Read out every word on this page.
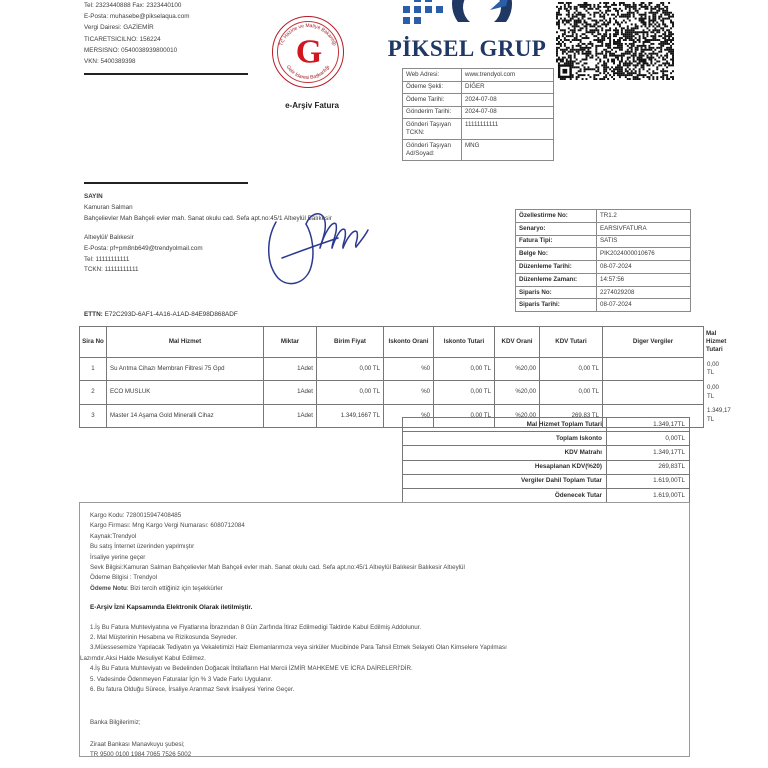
Tel: 2323440888 Fax: 2323440100
E-Posta: muhasebe@pikselaqua.com
Vergi Dairesi: GAZİEMİR
TICARETSICILNO: 156224
MERSISNO: 0540038939800010
VKN: 5400389398
TC Hazine ve Maliye Bakanlığı
Gelir İdaresi Başkanlığı
G
e-Arşiv Fatura
PİKSEL GRUP
Web Adresi:	www.trendyol.com
Ödeme Şekli:	DİĞER
Ödeme Tarihi:	2024-07-08
Gönderim Tarihi:	2024-07-08
Gönderi Taşıyan TCKN:	11111111111
Gönderi Taşıyan Ad/Soyad:	MNG
SAYIN
Kamuran Salman
Bahçelievler Mah Bahçeli evler mah. Sanat okulu cad. Sefa apt.no:45/1 Altıeylül Balıkesir
Altıeylül/ Balıkesir
E-Posta: pf+pm8nb649@trendyolmail.com
Tel: 11111111111
TCKN: 11111111111
Özellestirme No:	TR1.2
Senaryo:	EARSIVFATURA
Fatura Tipi:	SATIS
Belge No:	PIK2024000010676
Düzenleme Tarihi:	08-07-2024
Düzenleme Zamanı:	14:57:56
Siparis No:	2274029208
Siparis Tarihi:	08-07-2024
ETTN: E72C293D-6AF1-4A16-A1AD-84E98D868ADF
Sira No	Mal Hizmet	Miktar	Birim Fiyat	Iskonto Orani	Iskonto Tutari	KDV Orani	KDV Tutari	Diger Vergiler	Mal Hizmet Tutari
1	Su Arıtma Cihazı Membran Filtresi 75 Gpd	1Adet	0,00 TL	%0	0,00 TL	%20,00	0,00 TL		0,00 TL
2	ECO MUSLUK	1Adet	0,00 TL	%0	0,00 TL	%20,00	0,00 TL		0,00 TL
3	Master 14 Aşama Gold Mineralli Cihaz	1Adet	1.349,1667 TL	%0	0,00 TL	%20,00	269,83 TL		1.349,17 TL
Mal Hizmet Toplam Tutari	1.349,17TL
Toplam Iskonto	0,00TL
KDV Matrahı	1.349,17TL
Hesaplanan KDV(%20)	269,83TL
Vergiler Dahil Toplam Tutar	1.619,00TL
Ödenecek Tutar	1.619,00TL
Kargo Kodu: 7280015947408485
Kargo Firması: Mng Kargo Vergi Numarası: 6080712084
Kaynak:Trendyol
Bu satış İnternet üzerinden yapılmıştır
İrsaliye yerine geçer
Sevk Bilgisi:Kamuran Salman Bahçelievler Mah Bahçeli evler mah. Sanat okulu cad. Sefa apt.no:45/1 Altıeylül Balıkesir Balıkesir Altıeylül
Ödeme Bilgisi : Trendyol
Ödeme Notu: Bizi tercih ettiğiniz için teşekkürler
E-Arşiv İzni Kapsamında Elektronik Olarak iletilmiştir.
1.İş Bu Fatura Muhteviyatına ve Fiyatlarına İbrazından 8 Gün Zarfında İtiraz Edilmedigi Taktirde Kabul Edilmiş Addolunur.
2. Mal Müşterinin Hesabına ve Rizikosunda Seyreder.
3.Müessesemize Yapılacak Tediyatın ya Vekaletimizi Haiz Elemanlarımıza veya sirküler Mucibinde Para Tahsil Etmek Selayeti Olan Kimselere Yapılması
Lazımdır.Aksi Halde Mesuliyet Kabul Edilmez.
4.İş Bu Fatura Muhteviyatı ve Bedelinden Doğacak İhtilafların Hal Mercii İZMİR MAHKEME VE İCRA DAİRELERİ'DİR.
5. Vadesinde Ödenmeyen Faturalar İçin % 3 Vade Farkı Uygulanır.
6. Bu fatura Olduğu Sürece, İrsaliye Aranmaz Sevk İrsaliyesi Yerine Geçer.
Banka Bilgilerimiz;
Ziraat Bankası Manavkuyu şubesi;
TR 9500 0100 1984 7065 7526 5002
